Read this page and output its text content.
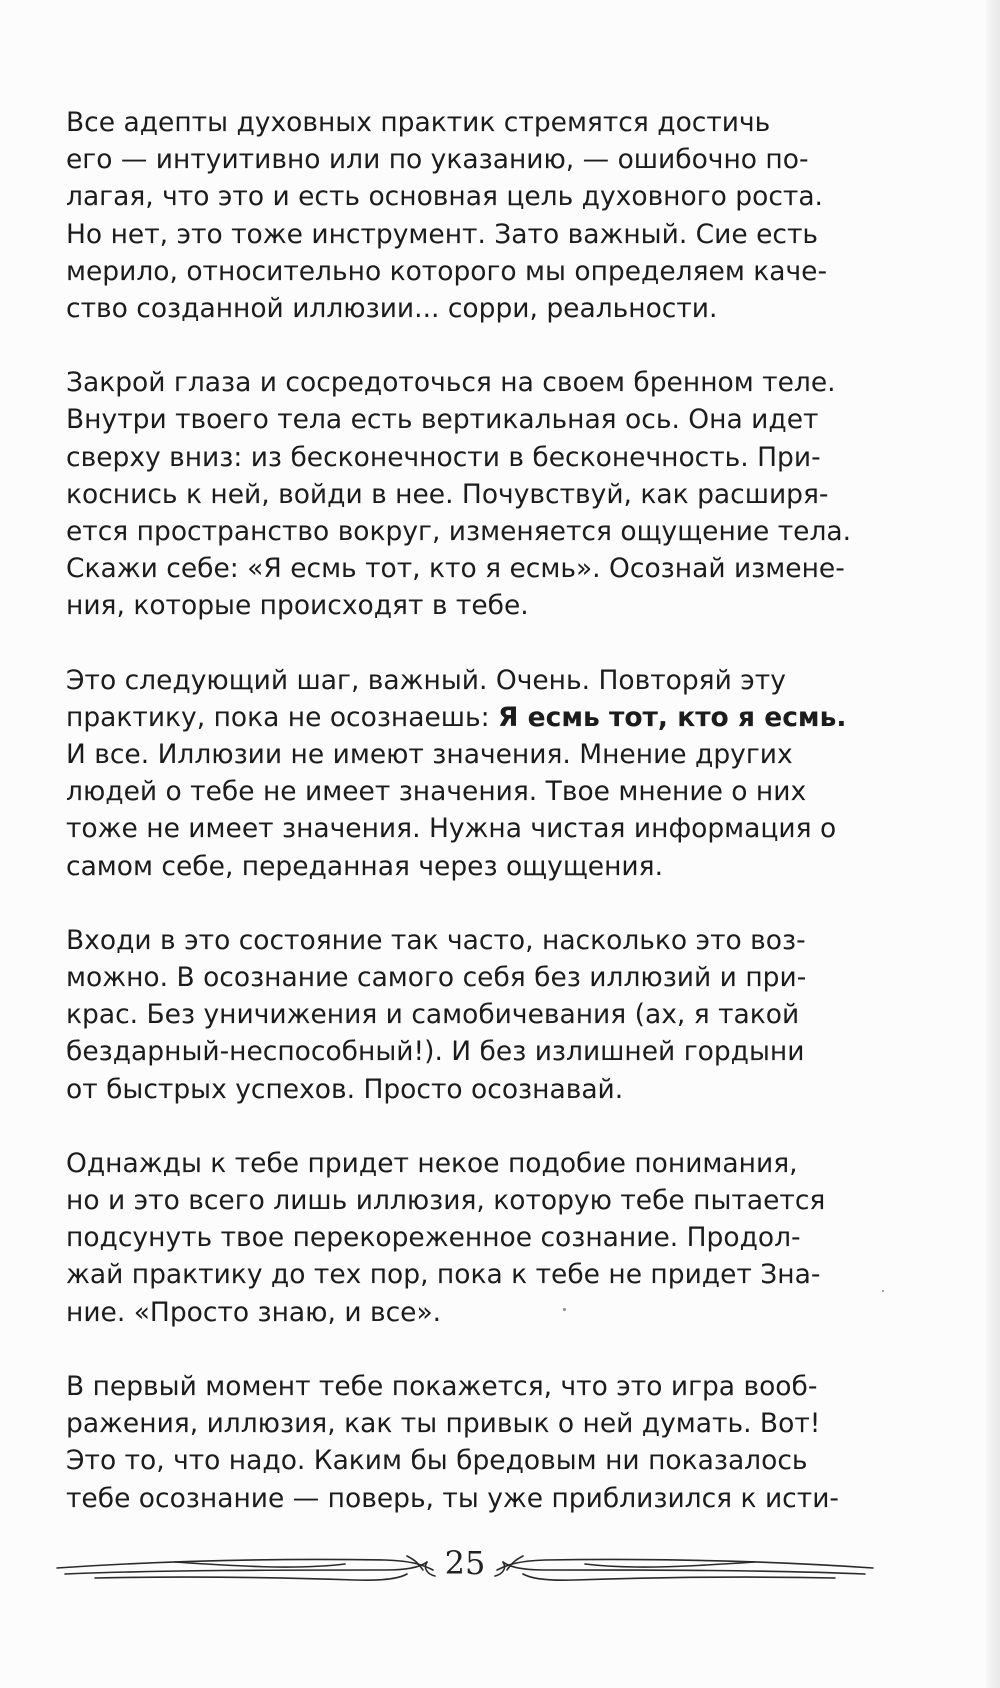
Все адепты духовных практик стремятся достичь
его — интуитивно или по указанию, — ошибочно по-
лагая, что это и есть основная цель духовного роста.
Но нет, это тоже инструмент. Зато важный. Сие есть
мерило, относительно которого мы определяем каче-
ство созданной иллюзии... сорри, реальности.

Закрой глаза и сосредоточься на своем бренном теле.
Внутри твоего тела есть вертикальная ось. Она идет
сверху вниз: из бесконечности в бесконечность. При-
коснись к ней, войди в нее. Почувствуй, как расширя-
ется пространство вокруг, изменяется ощущение тела.
Скажи себе: «Я есмь тот, кто я есмь». Осознай измене-
ния, которые происходят в тебе.

Это следующий шаг, важный. Очень. Повторяй эту
практику, пока не осознаешь: Я есмь тот, кто я есмь.
И все. Иллюзии не имеют значения. Мнение других
людей о тебе не имеет значения. Твое мнение о них
тоже не имеет значения. Нужна чистая информация о
самом себе, переданная через ощущения.

Входи в это состояние так часто, насколько это воз-
можно. В осознание самого себя без иллюзий и при-
крас. Без уничижения и самобичевания (ах, я такой
бездарный-неспособный!). И без излишней гордыни
от быстрых успехов. Просто осознавай.

Однажды к тебе придет некое подобие понимания,
но и это всего лишь иллюзия, которую тебе пытается
подсунуть твое перекореженное сознание. Продол-
жай практику до тех пор, пока к тебе не придет Зна-
ние. «Просто знаю, и все».

В первый момент тебе покажется, что это игра вооб-
ражения, иллюзия, как ты привык о ней думать. Вот!
Это то, что надо. Каким бы бредовым ни показалось
тебе осознание — поверь, ты уже приблизился к исти-

25
